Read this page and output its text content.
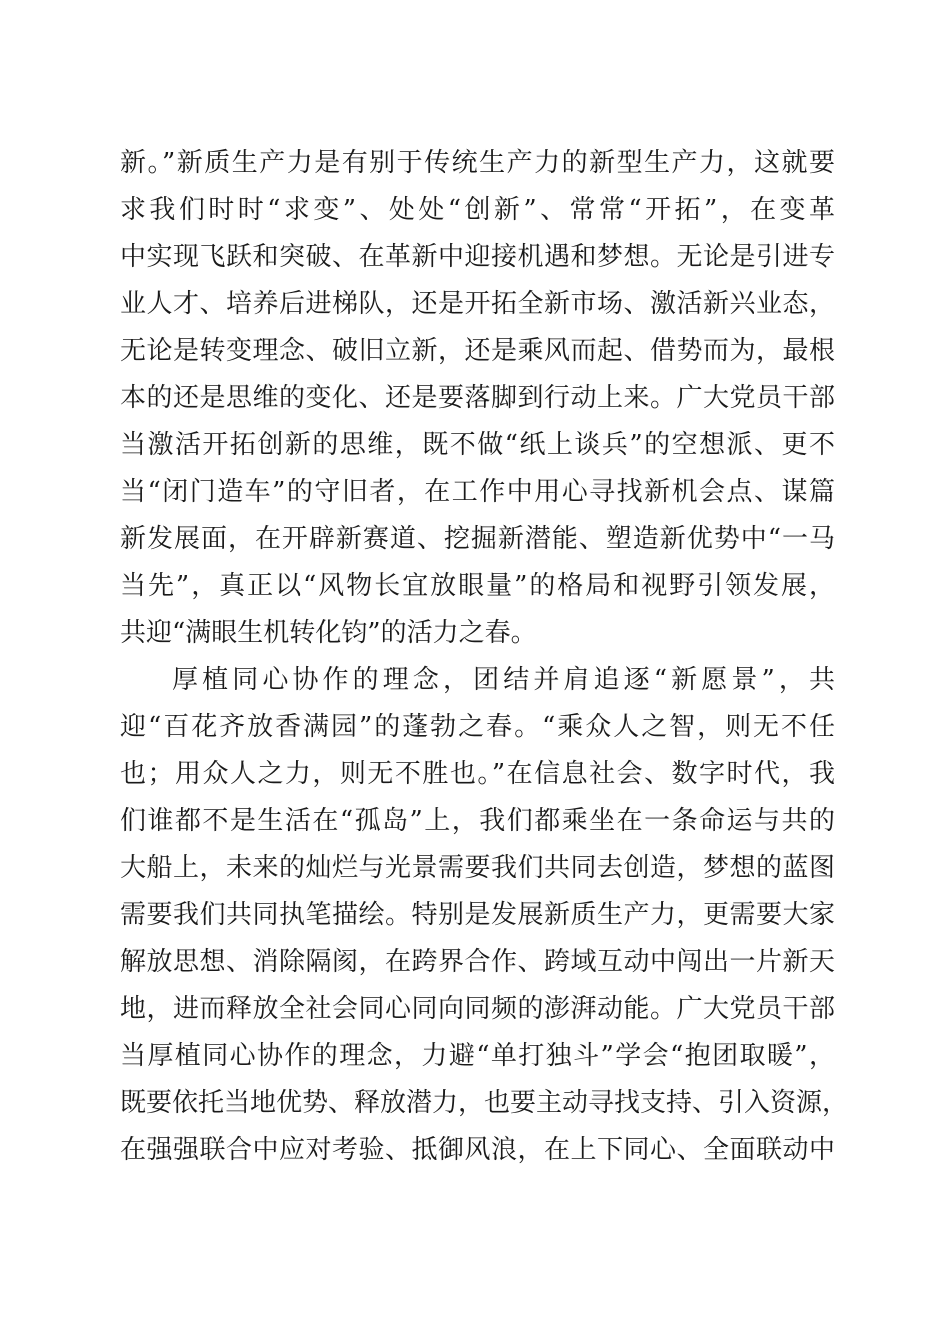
新。”新质生产力是有别于传统生产力的新型生产力，这就要
求我们时时“求变”、处处“创新”、常常“开拓”，在变革
中实现飞跃和突破、在革新中迎接机遇和梦想。无论是引进专
业人才、培养后进梯队，还是开拓全新市场、激活新兴业态，
无论是转变理念、破旧立新，还是乘风而起、借势而为，最根
本的还是思维的变化、还是要落脚到行动上来。广大党员干部
当激活开拓创新的思维，既不做“纸上谈兵”的空想派、更不
当“闭门造车”的守旧者，在工作中用心寻找新机会点、谋篇
新发展面，在开辟新赛道、挖掘新潜能、塑造新优势中“一马
当先”，真正以“风物长宜放眼量”的格局和视野引领发展，
共迎“满眼生机转化钧”的活力之春。
厚植同心协作的理念，团结并肩追逐“新愿景”，共
迎“百花齐放香满园”的蓬勃之春。“乘众人之智，则无不任
也；用众人之力，则无不胜也。”在信息社会、数字时代，我
们谁都不是生活在“孤岛”上，我们都乘坐在一条命运与共的
大船上，未来的灿烂与光景需要我们共同去创造，梦想的蓝图
需要我们共同执笔描绘。特别是发展新质生产力，更需要大家
解放思想、消除隔阂，在跨界合作、跨域互动中闯出一片新天
地，进而释放全社会同心同向同频的澎湃动能。广大党员干部
当厚植同心协作的理念，力避“单打独斗”学会“抱团取暖”，
既要依托当地优势、释放潜力，也要主动寻找支持、引入资源，
在强强联合中应对考验、抵御风浪，在上下同心、全面联动中
